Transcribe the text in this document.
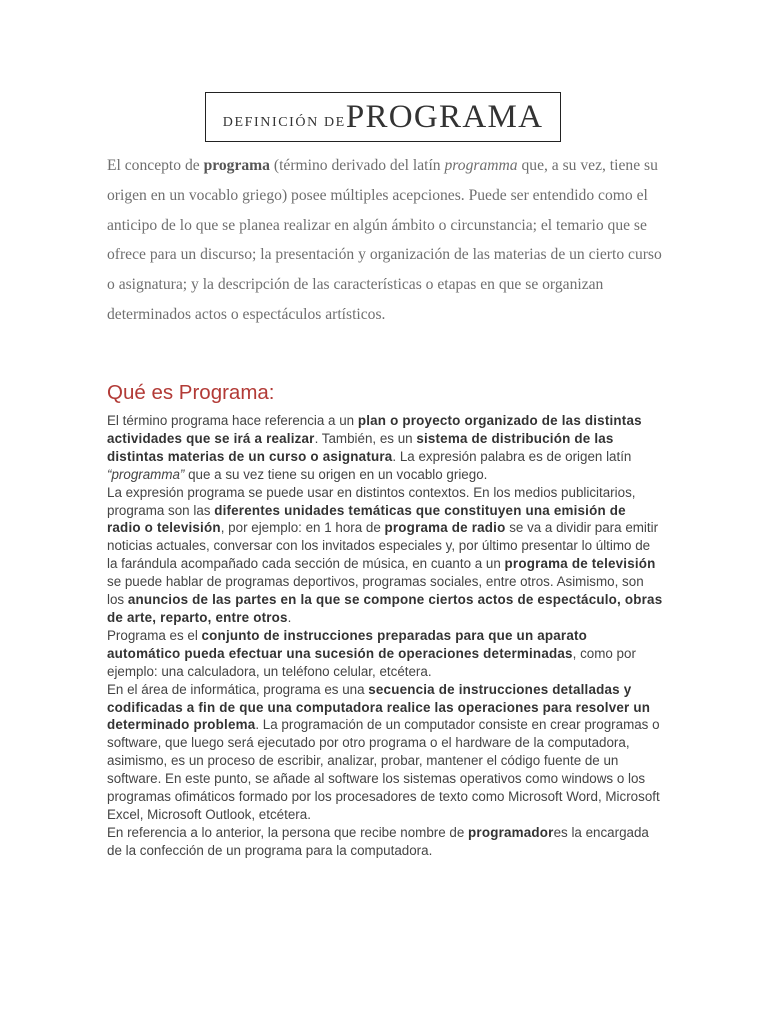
DEFINICIÓN DE PROGRAMA

El concepto de programa (término derivado del latín programma que, a su vez, tiene su origen en un vocablo griego) posee múltiples acepciones. Puede ser entendido como el anticipo de lo que se planea realizar en algún ámbito o circunstancia; el temario que se ofrece para un discurso; la presentación y organización de las materias de un cierto curso o asignatura; y la descripción de las características o etapas en que se organizan determinados actos o espectáculos artísticos.

Qué es Programa:

El término programa hace referencia a un plan o proyecto organizado de las distintas actividades que se irá a realizar. También, es un sistema de distribución de las distintas materias de un curso o asignatura. La expresión palabra es de origen latín “programma” que a su vez tiene su origen en un vocablo griego.

La expresión programa se puede usar en distintos contextos. En los medios publicitarios, programa son las diferentes unidades temáticas que constituyen una emisión de radio o televisión, por ejemplo: en 1 hora de programa de radio se va a dividir para emitir noticias actuales, conversar con los invitados especiales y, por último presentar lo último de la farándula acompañado cada sección de música, en cuanto a un programa de televisión se puede hablar de programas deportivos, programas sociales, entre otros. Asimismo, son los anuncios de las partes en la que se compone ciertos actos de espectáculo, obras de arte, reparto, entre otros.

Programa es el conjunto de instrucciones preparadas para que un aparato automático pueda efectuar una sucesión de operaciones determinadas, como por ejemplo: una calculadora, un teléfono celular, etcétera.

En el área de informática, programa es una secuencia de instrucciones detalladas y codificadas a fin de que una computadora realice las operaciones para resolver un determinado problema. La programación de un computador consiste en crear programas o software, que luego será ejecutado por otro programa o el hardware de la computadora, asimismo, es un proceso de escribir, analizar, probar, mantener el código fuente de un software. En este punto, se añade al software los sistemas operativos como windows o los programas ofimáticos formado por los procesadores de texto como Microsoft Word, Microsoft Excel, Microsoft Outlook, etcétera.

En referencia a lo anterior, la persona que recibe nombre de programadores la encargada de la confección de un programa para la computadora.
